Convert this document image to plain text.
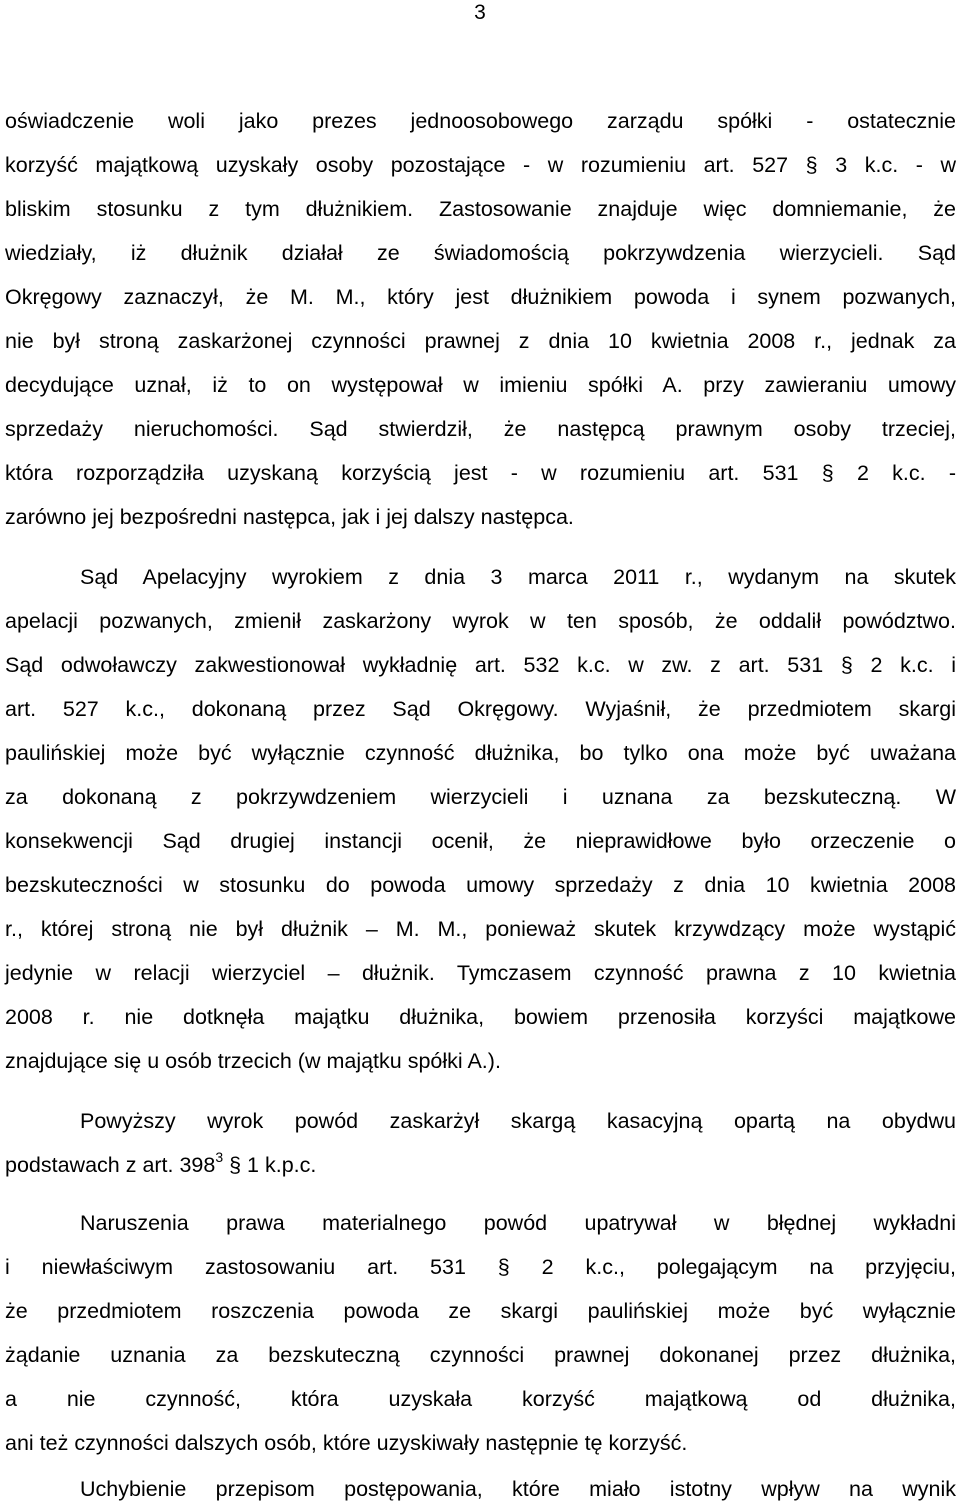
3
oświadczenie woli jako prezes jednoosobowego zarządu spółki - ostatecznie
korzyść majątkową uzyskały osoby pozostające - w rozumieniu art. 527 § 3 k.c. - w
bliskim stosunku z tym dłużnikiem. Zastosowanie znajduje więc domniemanie, że
wiedziały, iż dłużnik działał ze świadomością pokrzywdzenia wierzycieli. Sąd
Okręgowy zaznaczył, że M. M., który jest dłużnikiem powoda i synem pozwanych,
nie był stroną zaskarżonej czynności prawnej z dnia 10 kwietnia 2008 r., jednak za
decydujące uznał, iż to on występował w imieniu spółki A. przy zawieraniu umowy
sprzedaży nieruchomości. Sąd stwierdził, że następcą prawnym osoby trzeciej,
która rozporządziła uzyskaną korzyścią jest - w rozumieniu art. 531 § 2 k.c. -
zarówno jej bezpośredni następca, jak i jej dalszy następca.
Sąd Apelacyjny wyrokiem z dnia 3 marca 2011 r., wydanym na skutek
apelacji pozwanych, zmienił zaskarżony wyrok w ten sposób, że oddalił powództwo.
Sąd odwoławczy zakwestionował wykładnię art. 532 k.c. w zw. z art. 531 § 2 k.c. i
art. 527 k.c., dokonaną przez Sąd Okręgowy. Wyjaśnił, że przedmiotem skargi
paulińskiej może być wyłącznie czynność dłużnika, bo tylko ona może być uważana
za dokonaną z pokrzywdzeniem wierzycieli i uznana za bezskuteczną. W
konsekwencji Sąd drugiej instancji ocenił, że nieprawidłowe było orzeczenie o
bezskuteczności w stosunku do powoda umowy sprzedaży z dnia 10 kwietnia 2008
r., której stroną nie był dłużnik – M. M., ponieważ skutek krzywdzący może wystąpić
jedynie w relacji wierzyciel – dłużnik. Tymczasem czynność prawna z 10 kwietnia
2008 r. nie dotknęła majątku dłużnika, bowiem przenosiła korzyści majątkowe
znajdujące się u osób trzecich (w majątku spółki A.).
Powyższy wyrok powód zaskarżył skargą kasacyjną opartą na obydwu
podstawach z art. $398^3$ § 1 k.p.c.
Naruszenia prawa materialnego powód upatrywał w błędnej wykładni
i niewłaściwym zastosowaniu art. 531 § 2 k.c., polegającym na przyjęciu,
że przedmiotem roszczenia powoda ze skargi paulińskiej może być wyłącznie
żądanie uznania za bezskuteczną czynności prawnej dokonanej przez dłużnika,
a nie czynność, która uzyskała korzyść majątkową od dłużnika,
ani też czynności dalszych osób, które uzyskiwały następnie tę korzyść.
Uchybienie przepisom postępowania, które miało istotny wpływ na wynik
